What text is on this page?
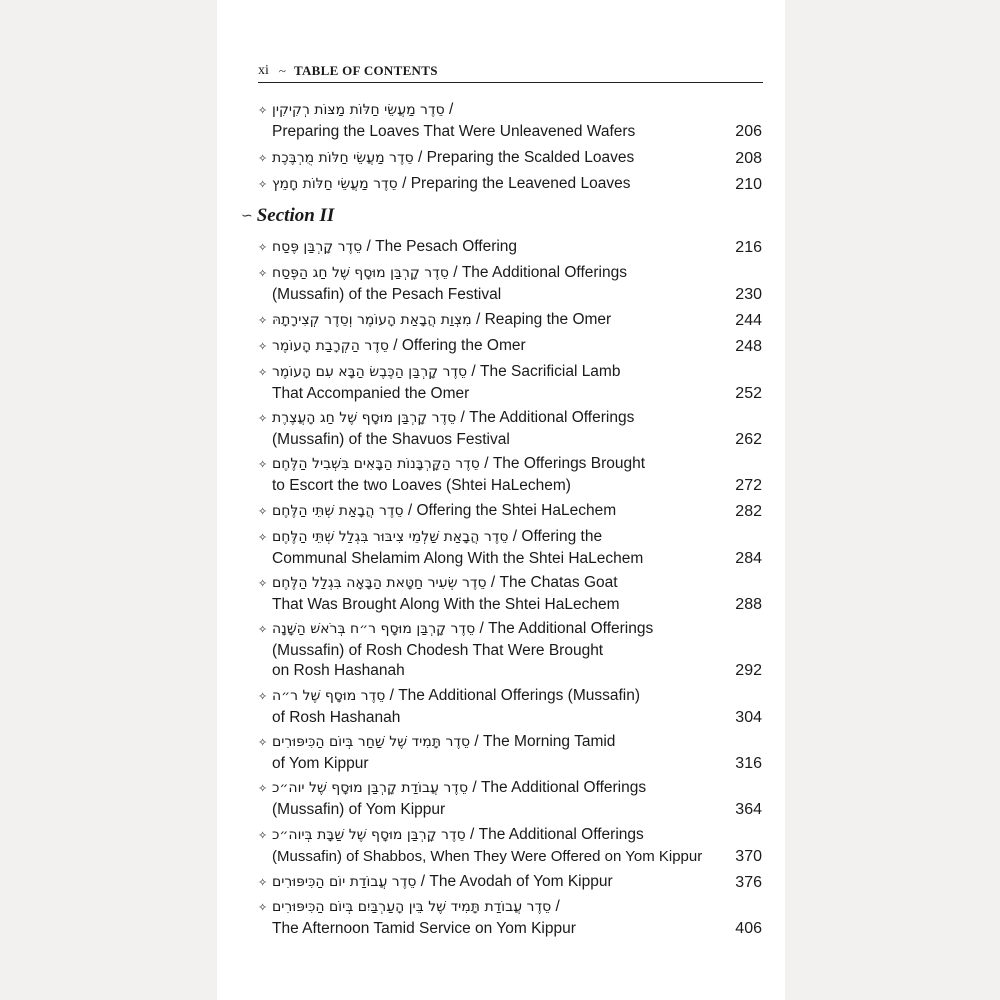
xi ~ TABLE OF CONTENTS
∽ Section II
✧ סֵדֶר מַעֲשֵׂי חַלּוֹת מַצּוֹת רְקִיקִין /
Preparing the Loaves That Were Unleavened Wafers	206
✧ סֵדֶר מַעֲשֵׂי חַלּוֹת מֻרְבֶּכֶת / Preparing the Scalded Loaves	208
✧ סֵדֶר מַעֲשֵׂי חַלּוֹת חָמֵץ / Preparing the Leavened Loaves	210
✧ סֵדֶר קָרְבַּן פֶּסַח / The Pesach Offering	216
✧ סֵדֶר קָרְבַּן מוּסָף שֶׁל חַג הַפֶּסַח / The Additional Offerings
(Mussafin) of the Pesach Festival	230
✧ מִצְוַת הֲבָאַת הָעוֹמֶר וְסֵדֶר קְצִירָתָהּ / Reaping the Omer	244
✧ סֵדֶר הַקְרָבַת הָעוֹמֶר / Offering the Omer	248
✧ סֵדֶר קָרְבַּן הַכֶּבֶשׂ הַבָּא עִם הָעוֹמֶר / The Sacrificial Lamb
That Accompanied the Omer	252
✧ סֵדֶר קָרְבַּן מוּסָף שֶׁל חַג הָעֲצֶרֶת / The Additional Offerings
(Mussafin) of the Shavuos Festival	262
✧ סֵדֶר הַקָּרְבָּנוֹת הַבָּאִים בִּשְׁבִיל הַלֶּחֶם / The Offerings Brought
to Escort the two Loaves (Shtei HaLechem)	272
✧ סֵדֶר הֲבָאַת שְׁתֵּי הַלֶּחֶם / Offering the Shtei HaLechem	282
✧ סֵדֶר הֲבָאַת שַׁלְמֵי צִיבּוּר בִּגְלַל שְׁתֵּי הַלֶּחֶם / Offering the
Communal Shelamim Along With the Shtei HaLechem	284
✧ סֵדֶר שְׂעִיר חַטָּאת הַבָּאָה בִּגְלַל הַלֶּחֶם / The Chatas Goat
That Was Brought Along With the Shtei HaLechem	288
✧ סֵדֶר קָרְבַּן מוּסָף ר״ח בְּרֹאשׁ הַשָּׁנָה / The Additional Offerings
(Mussafin) of Rosh Chodesh That Were Brought
on Rosh Hashanah	292
✧ סֵדֶר מוּסָף שֶׁל ר״ה / The Additional Offerings (Mussafin)
of Rosh Hashanah	304
✧ סֵדֶר תָּמִיד שֶׁל שַׁחַר בְּיוֹם הַכִּיפּוּרִים / The Morning Tamid
of Yom Kippur	316
✧ סֵדֶר עֲבוֹדַת קָרְבַּן מוּסָף שֶׁל יוה״כ / The Additional Offerings
(Mussafin) of Yom Kippur	364
✧ סֵדֶר קָרְבַּן מוּסָף שֶׁל שַׁבָּת בְּיוה״כ / The Additional Offerings
(Mussafin) of Shabbos, When They Were Offered on Yom Kippur	370
✧ סֵדֶר עֲבוֹדַת יוֹם הַכִּיפּוּרִים / The Avodah of Yom Kippur	376
✧ סֵדֶר עֲבוֹדַת תָּמִיד שֶׁל בֵּין הָעַרְבַּיִם בְּיוֹם הַכִּיפּוּרִים /
The Afternoon Tamid Service on Yom Kippur	406
